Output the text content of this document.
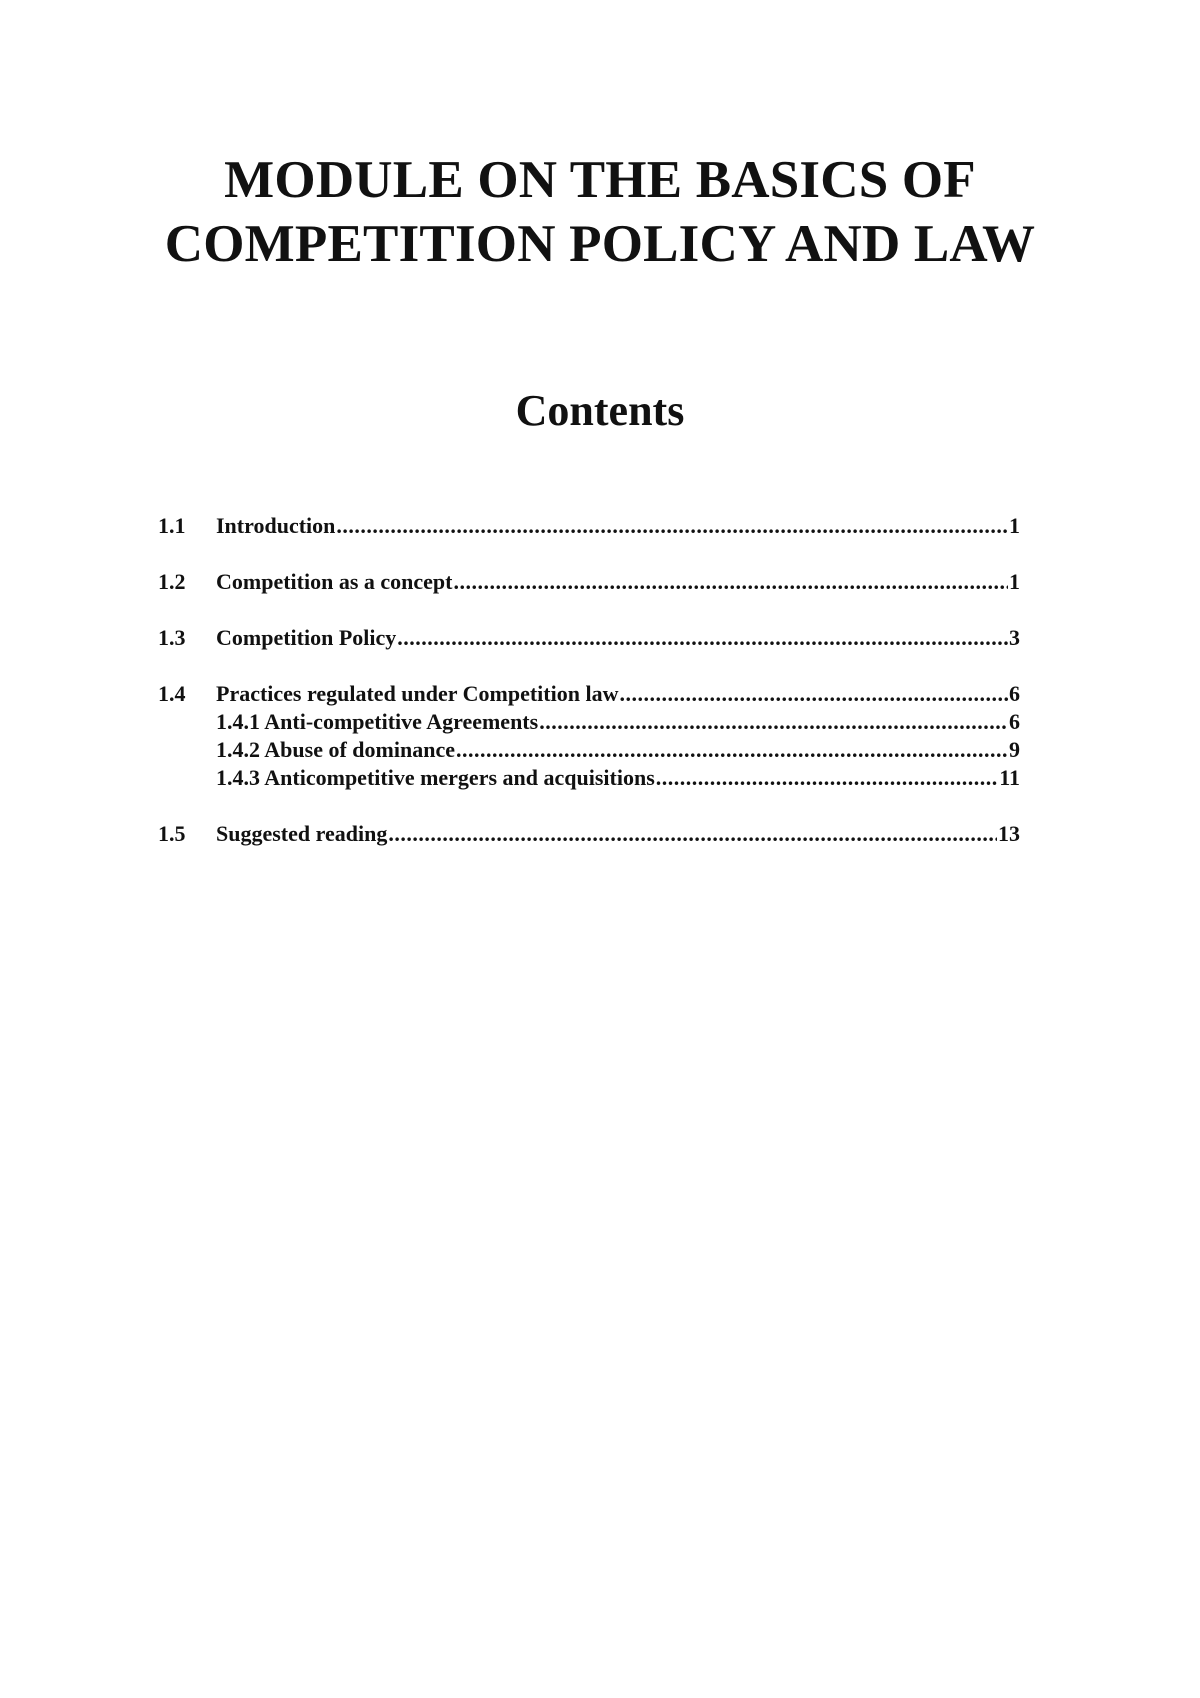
MODULE ON THE BASICS OF
COMPETITION POLICY AND LAW
Contents
1.1	Introduction .....	1
1.2	Competition as a concept .....	1
1.3	Competition Policy .....	3
1.4	Practices regulated under Competition law .....	6
1.4.1 Anti-competitive Agreements .....	6
1.4.2 Abuse of dominance .....	9
1.4.3 Anticompetitive mergers and acquisitions .....	11
1.5	Suggested reading .....	13
